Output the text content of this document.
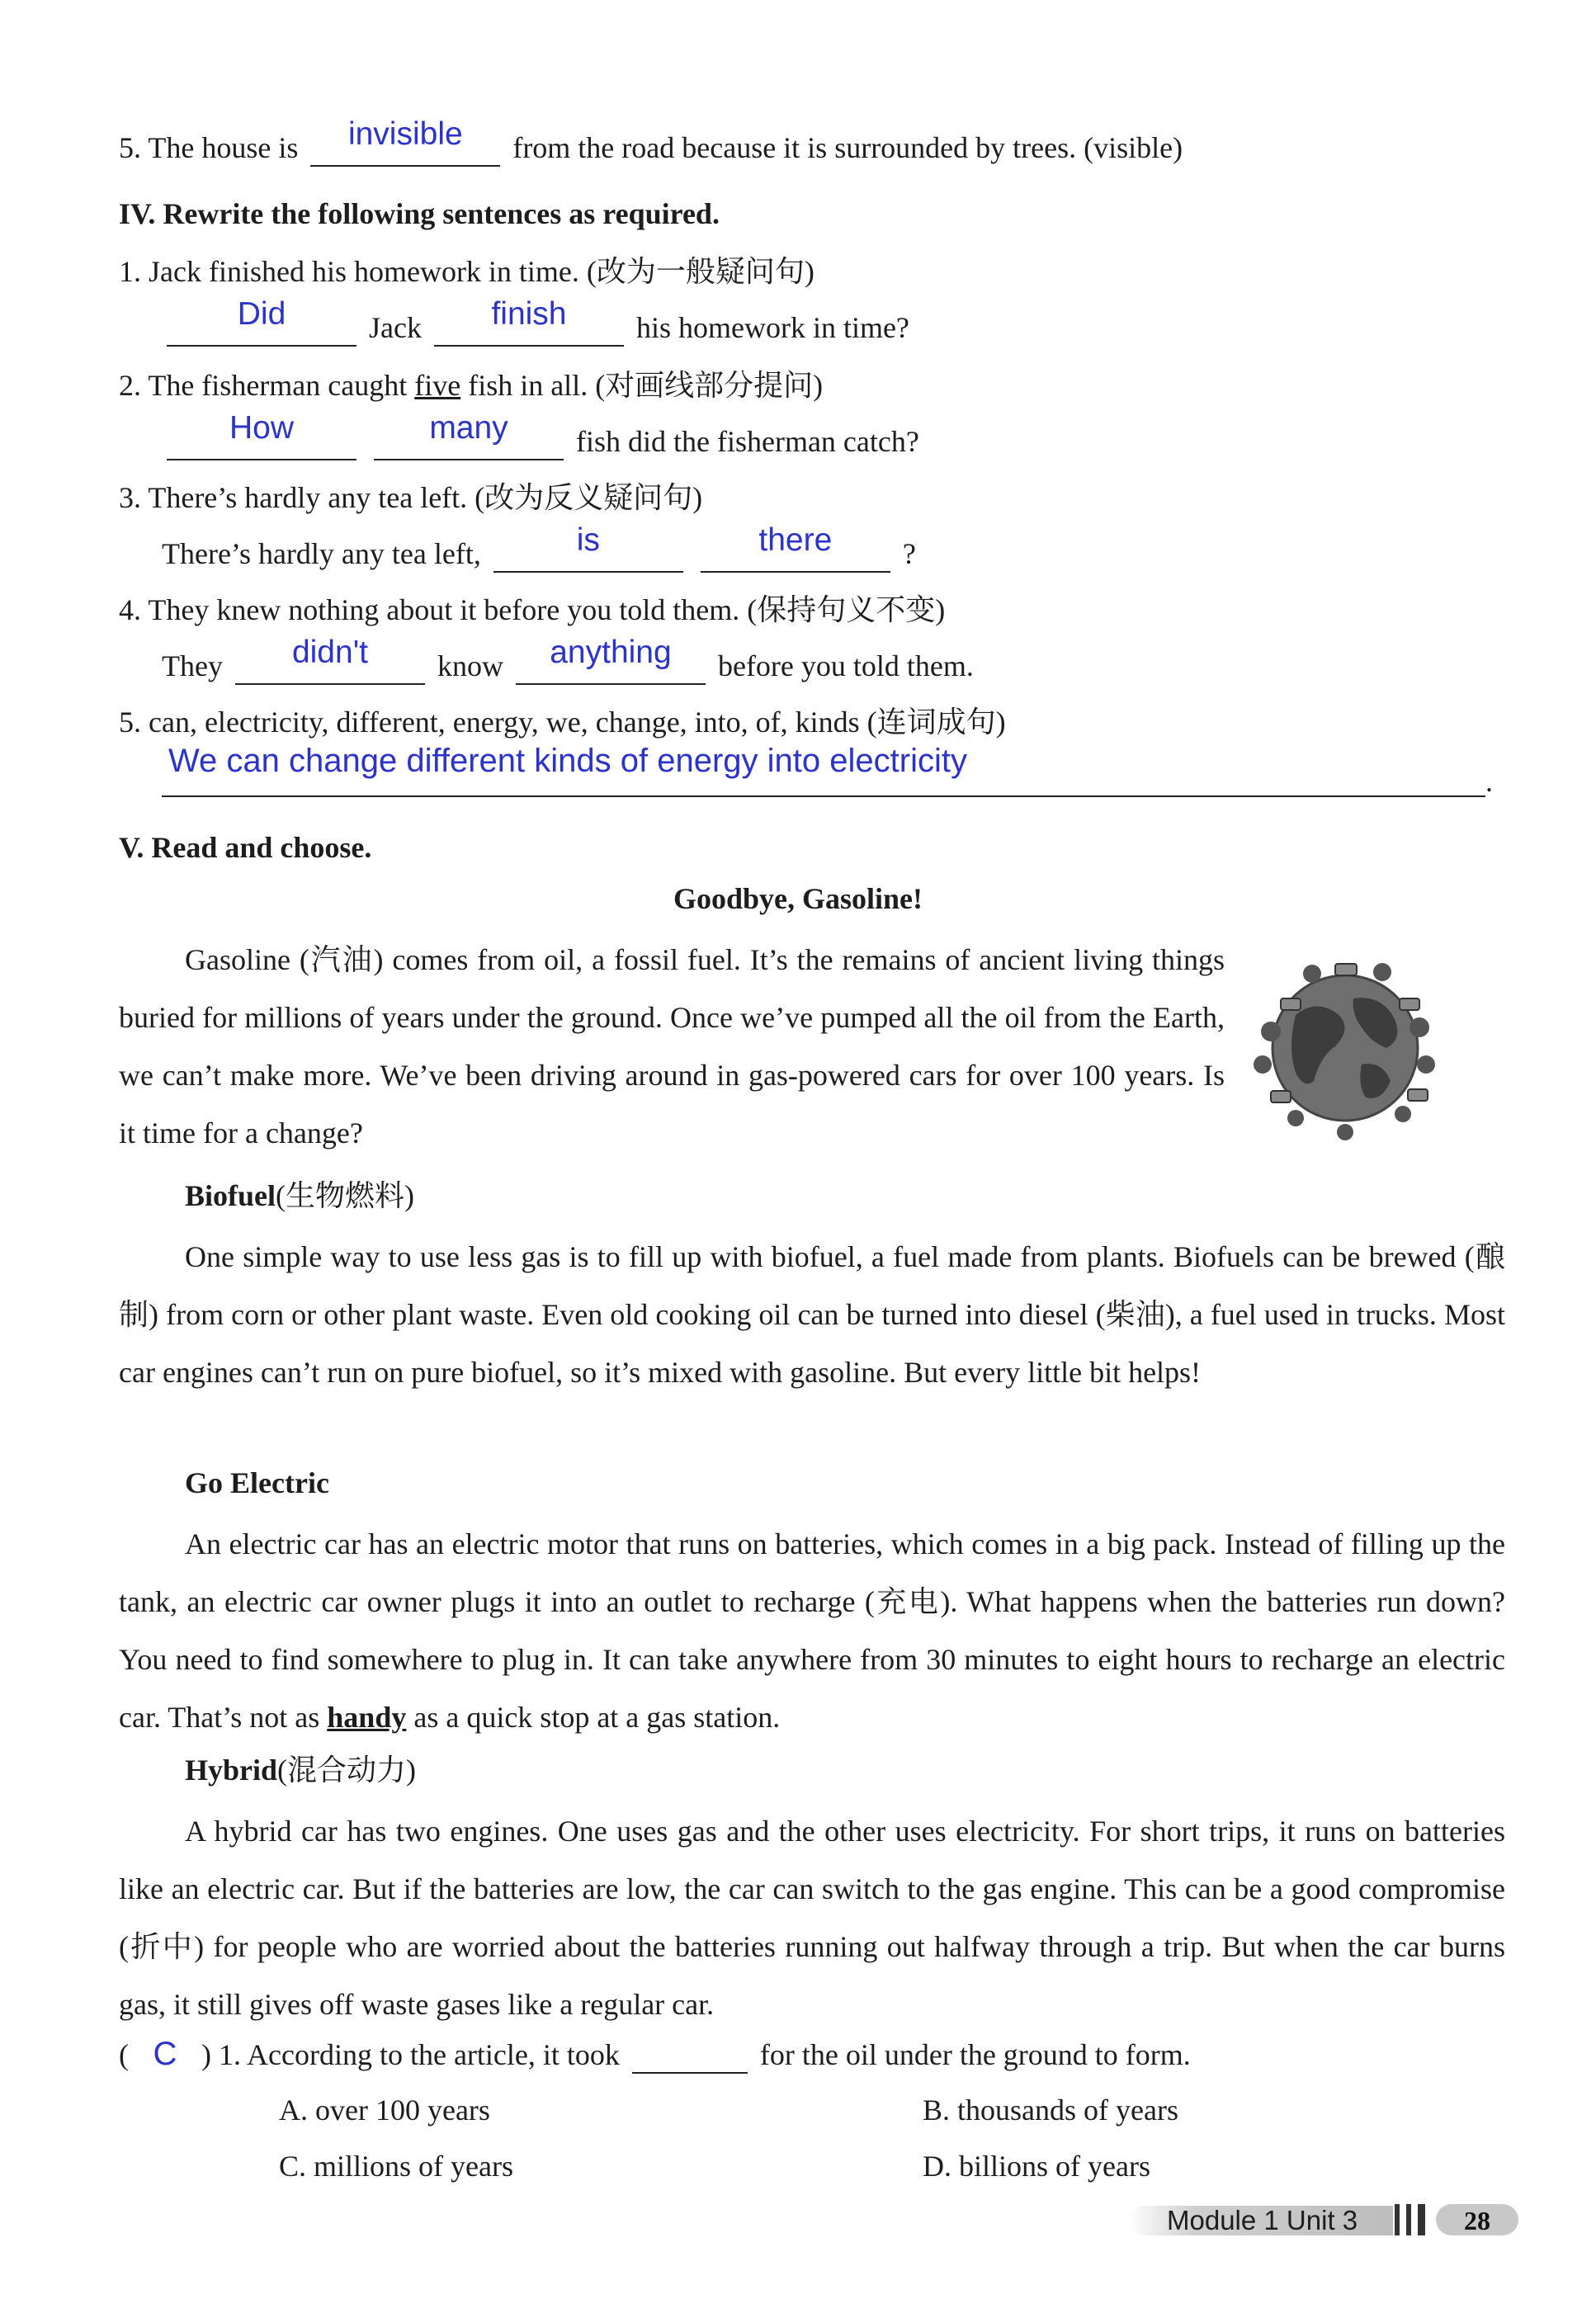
5. The house is	invisible	from the road because it is surrounded by trees. (visible)
IV. Rewrite the following sentences as required.
1. Jack finished his homework in time. (改为一般疑问句)
Did	Jack	finish	his homework in time?
2. The fisherman caught five fish in all. (对画线部分提问)
How
	many	fish did the fisherman catch?
3. There’s hardly any tea left. (改为反义疑问句)
There’s hardly any tea left,	is
	there	?
4. They knew nothing about it before you told them. (保持句义不变)
They	didn't	know	anything	before you told them.
5. can, electricity, different, energy, we, change, into, of, kinds (连词成句)
We can change different kinds of energy into electricity
.
V. Read and choose.
Goodbye, Gasoline!
Gasoline (汽油) comes from oil, a fossil fuel. It’s the remains of ancient living things buried for millions of years under the ground. Once we’ve pumped all the oil from the Earth, we can’t make more. We’ve been driving around in gas-powered cars for over 100 years. Is it time for a change?
Biofuel(生物燃料)
One simple way to use less gas is to fill up with biofuel, a fuel made from plants. Biofuels can be brewed (酿制) from corn or other plant waste. Even old cooking oil can be turned into diesel (柴油), a fuel used in trucks. Most car engines can’t run on pure biofuel, so it’s mixed with gasoline. But every little bit helps!
Go Electric
An electric car has an electric motor that runs on batteries, which comes in a big pack. Instead of filling up the tank, an electric car owner plugs it into an outlet to recharge (充电). What happens when the batteries run down? You need to find somewhere to plug in. It can take anywhere from 30 minutes to eight hours to recharge an electric car. That’s not as handy as a quick stop at a gas station.
Hybrid(混合动力)
A hybrid car has two engines. One uses gas and the other uses electricity. For short trips, it runs on batteries like an electric car. But if the batteries are low, the car can switch to the gas engine. This can be a good compromise (折中) for people who are worried about the batteries running out halfway through a trip. But when the car burns gas, it still gives off waste gases like a regular car.
( C ) 1. According to the article, it took	for the oil under the ground to form.
A. over 100 years	B. thousands of years
C. millions of years	D. billions of years
Module 1 Unit 3	28
